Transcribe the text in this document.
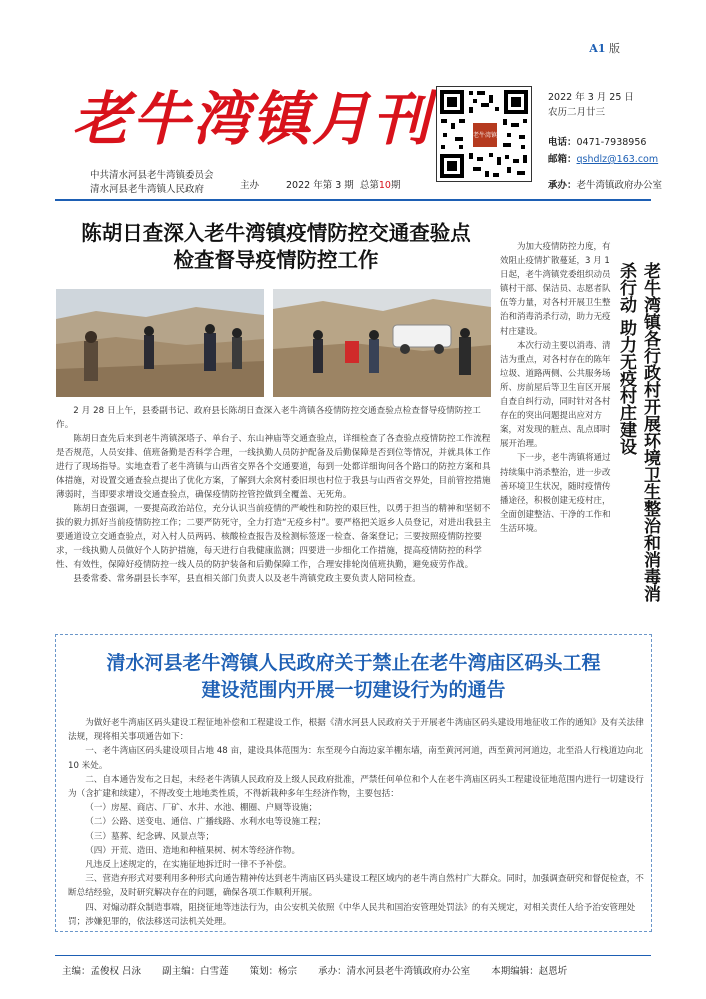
A1 版
老牛湾镇月刊	老牛湾镇
2022 年 3 月 25 日
农历二月廿三
电话：0471-7938956
邮箱：qshdlz@163.com
中共清水河县老牛湾镇委员会
清水河县老牛湾镇人民政府	主办	2022 年第 3 期 总第10期	承办：老牛湾镇政府办公室
陈胡日查深入老牛湾镇疫情防控交通查验点
检查督导疫情防控工作

2 月 28 日上午，县委副书记、政府县长陈胡日查深入老牛湾镇各疫情防控交通查验点检查督导疫情防控工作。

陈胡日查先后来到老牛湾镇深塔子、单台子、东山神庙等交通查验点，详细检查了各查验点疫情防控工作流程是否规范，人员安排、值班备勤是否科学合理，一线执勤人员防护配备及后勤保障是否到位等情况，并就具体工作进行了现场指导。实地查看了老牛湾镇与山西省交界各个交通要道，每到一处都详细询问各个路口的防控方案和具体措施，对设置交通查验点提出了优化方案，了解到大余窝村委旧坝也村位于我县与山西省交界处，目前管控措施薄弱时，当即要求增设交通查验点，确保疫情防控管控做到全覆盖、无死角。

陈胡日查强调，一要提高政治站位，充分认识当前疫情的严峻性和防控的艰巨性，以勇于担当的精神和坚韧不拔的毅力抓好当前疫情防控工作；二要严防死守，全力打造“无疫乡村”。要严格把关返乡人员登记，对进出我县主要通道设立交通查验点，对入村人员两码、核酸检查报告及检测标签逐一检查、备案登记；三要按照疫情防控要求，一线执勤人员做好个人防护措施，每天进行自我健康监测；四要进一步细化工作措施，提高疫情防控的科学性、有效性，保障好疫情防控一线人员的防护装备和后勤保障工作，合理安排轮岗值班执勤，避免疲劳作战。

县委常委、常务副县长李军，县直相关部门负责人以及老牛湾镇党政主要负责人陪同检查。

为加大疫情防控力度，有效阻止疫情扩散蔓延，3 月 1 日起，老牛湾镇党委组织动员镇村干部、保洁员、志愿者队伍等力量，对各村开展卫生整治和消毒消杀行动，助力无疫村庄建设。

本次行动主要以消毒、清洁为重点，对各村存在的陈年垃圾、道路两侧、公共服务场所、房前屋后等卫生盲区开展自查自纠行动，同时针对各村存在的突出问题提出应对方案，对发现的脏点、乱点即时展开治理。

下一步，老牛湾镇将通过持续集中消杀整治，进一步改善环境卫生状况，随时疫情传播途径，积极创建无疫村庄，全面创建整洁、干净的工作和生活环境。	老牛湾镇各行政村开展环境卫生整治和消毒消杀行动 助力无疫村庄建设
清水河县老牛湾镇人民政府关于禁止在老牛湾庙区码头工程
建设范围内开展一切建设行为的通告

为做好老牛湾庙区码头建设工程征地补偿和工程建设工作，根据《清水河县人民政府关于开展老牛湾庙区码头建设用地征收工作的通知》及有关法律法规，现将相关事项通告如下：

一、老牛湾庙区码头建设项目占地 48 亩，建设具体范围为：东至现今白海边家羊棚东墙，南至黄河河道，西至黄河河道边，北至沿人行栈道边向北 10 米处。

二、自本通告发布之日起，未经老牛湾镇人民政府及上级人民政府批准，严禁任何单位和个人在老牛湾庙区码头工程建设征地范围内进行一切建设行为（含扩建和续建），不得改变土地地类性质，不得新栽种多年生经济作物，主要包括：

（一）房屋、商店、厂矿、水井、水池、棚圈、户厕等设施；

（二）公路、送变电、通信、广播线路、水利水电等设施工程；

（三）墓葬、纪念碑、风景点等；

（四）开荒、造田、造地和种植果树、树木等经济作物。

凡违反上述规定的，在实施征地拆迁时一律不予补偿。

三、营造弃形式对要利用多种形式向通告精神传达到老牛湾庙区码头建设工程区域内的老牛湾自然村广大群众。同时，加强调查研究和督促检查，不断总结经验，及时研究解决存在的问题，确保各项工作顺利开展。

四、对煽动群众制造事端，阻挠征地等违法行为，由公安机关依照《中华人民共和国治安管理处罚法》的有关规定，对相关责任人给予治安管理处罚；涉嫌犯罪的，依法移送司法机关处理。

主编：孟俊权 吕泳 副主编：白雪莲 策划：杨宗 承办：清水河县老牛湾镇政府办公室 本期编辑：赵恩圻
